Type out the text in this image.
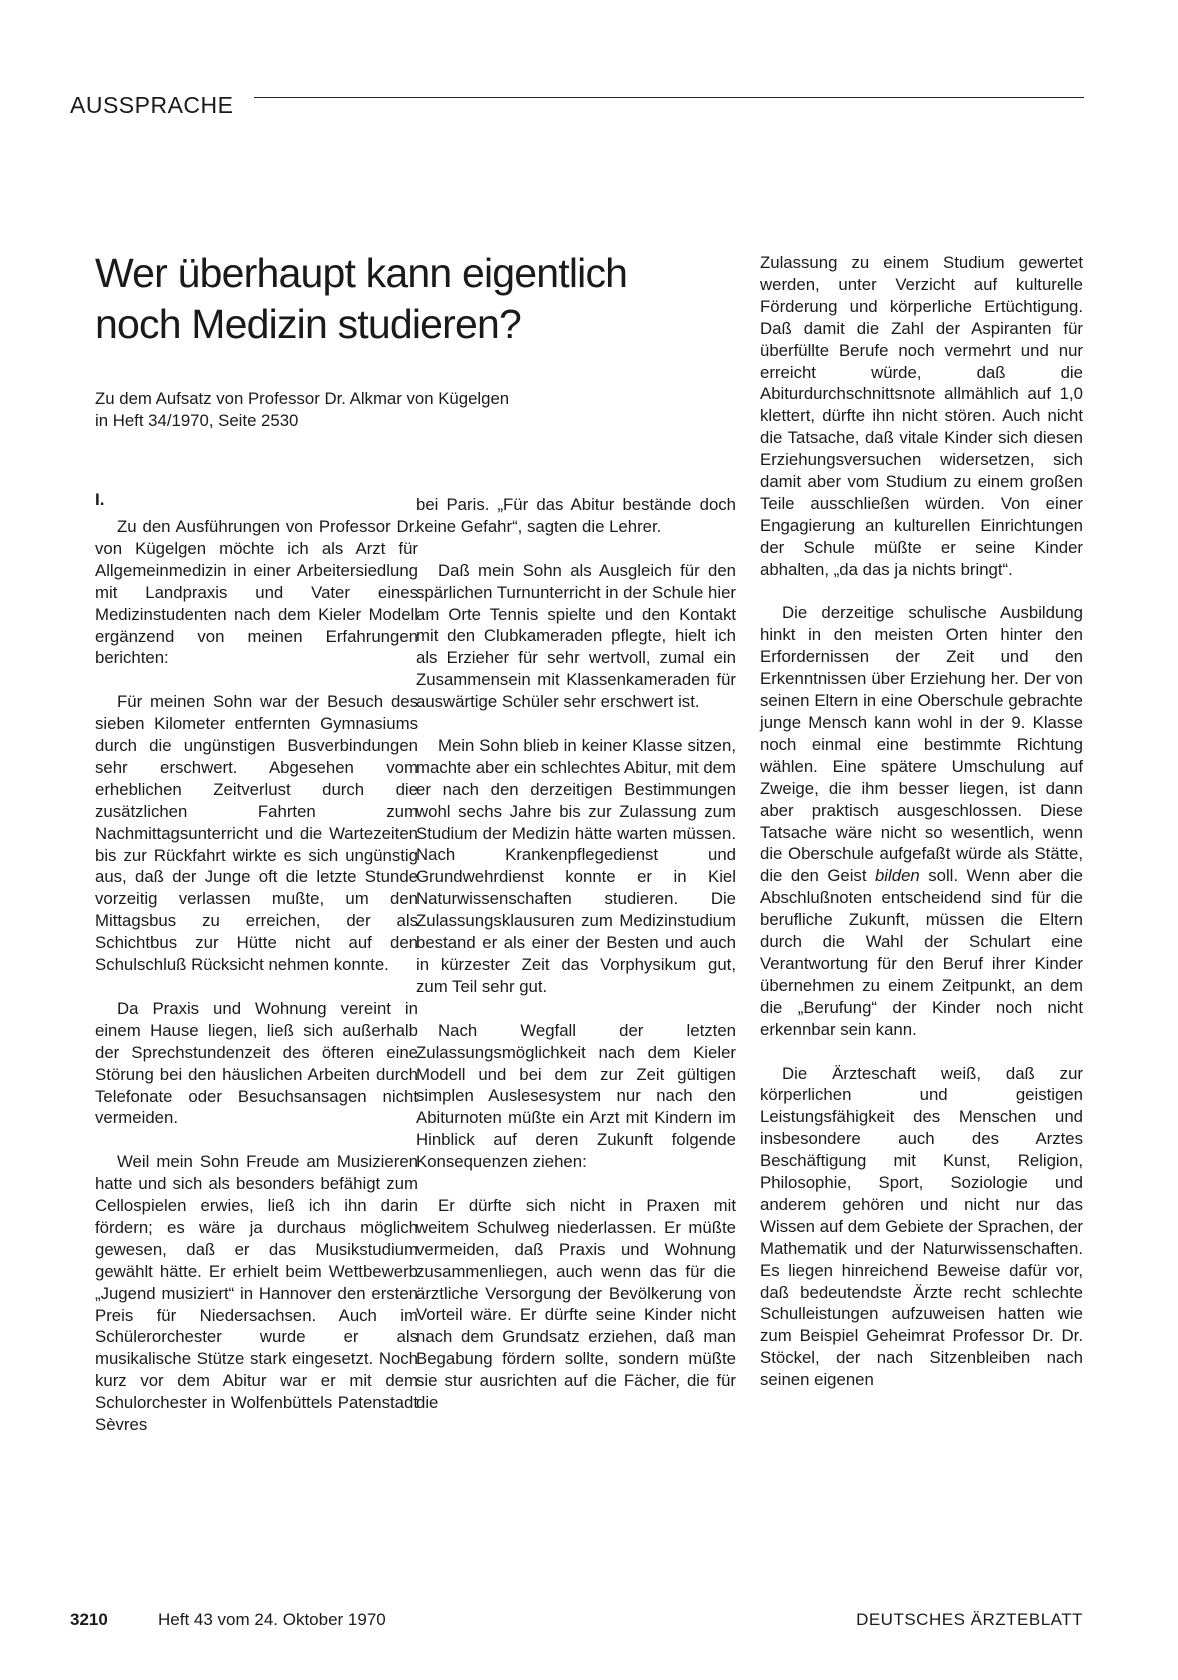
AUSSPRACHE
Wer überhaupt kann eigentlich
noch Medizin studieren?

Zu dem Aufsatz von Professor Dr. Alkmar von Kügelgen
in Heft 34/1970, Seite 2530

I.

Zu den Ausführungen von Professor Dr. von Kügelgen möchte ich als Arzt für Allgemeinmedizin in einer Arbeitersiedlung mit Landpraxis und Vater eines Medizinstudenten nach dem Kieler Modell ergänzend von meinen Erfahrungen berichten:

Für meinen Sohn war der Besuch des sieben Kilometer entfernten Gymnasiums durch die ungünstigen Busverbindungen sehr erschwert. Abgesehen vom erheblichen Zeitverlust durch die zusätzlichen Fahrten zum Nachmittagsunterricht und die Wartezeiten bis zur Rückfahrt wirkte es sich ungünstig aus, daß der Junge oft die letzte Stunde vorzeitig verlassen mußte, um den Mittagsbus zu erreichen, der als Schichtbus zur Hütte nicht auf den Schulschluß Rücksicht nehmen konnte.

Da Praxis und Wohnung vereint in einem Hause liegen, ließ sich außerhalb der Sprechstundenzeit des öfteren eine Störung bei den häuslichen Arbeiten durch Telefonate oder Besuchsansagen nicht vermeiden.

Weil mein Sohn Freude am Musizieren hatte und sich als besonders befähigt zum Cellospielen erwies, ließ ich ihn darin fördern; es wäre ja durchaus möglich gewesen, daß er das Musikstudium gewählt hätte. Er erhielt beim Wettbewerb „Jugend musiziert“ in Hannover den ersten Preis für Niedersachsen. Auch im Schülerorchester wurde er als musikalische Stütze stark eingesetzt. Noch kurz vor dem Abitur war er mit dem Schulorchester in Wolfenbüttels Patenstadt Sèvres

bei Paris. „Für das Abitur bestände doch keine Gefahr“, sagten die Lehrer.

Daß mein Sohn als Ausgleich für den spärlichen Turnunterricht in der Schule hier am Orte Tennis spielte und den Kontakt mit den Clubkameraden pflegte, hielt ich als Erzieher für sehr wertvoll, zumal ein Zusammensein mit Klassenkameraden für auswärtige Schüler sehr erschwert ist.

Mein Sohn blieb in keiner Klasse sitzen, machte aber ein schlechtes Abitur, mit dem er nach den derzeitigen Bestimmungen wohl sechs Jahre bis zur Zulassung zum Studium der Medizin hätte warten müssen. Nach Krankenpflegedienst und Grundwehrdienst konnte er in Kiel Naturwissenschaften studieren. Die Zulassungsklausuren zum Medizinstudium bestand er als einer der Besten und auch in kürzester Zeit das Vorphysikum gut, zum Teil sehr gut.

Nach Wegfall der letzten Zulassungsmöglichkeit nach dem Kieler Modell und bei dem zur Zeit gültigen simplen Auslesesystem nur nach den Abiturnoten müßte ein Arzt mit Kindern im Hinblick auf deren Zukunft folgende Konsequenzen ziehen:

Er dürfte sich nicht in Praxen mit weitem Schulweg niederlassen. Er müßte vermeiden, daß Praxis und Wohnung zusammenliegen, auch wenn das für die ärztliche Versorgung der Bevölkerung von Vorteil wäre. Er dürfte seine Kinder nicht nach dem Grundsatz erziehen, daß man Begabung fördern sollte, sondern müßte sie stur ausrichten auf die Fächer, die für die

Zulassung zu einem Studium gewertet werden, unter Verzicht auf kulturelle Förderung und körperliche Ertüchtigung. Daß damit die Zahl der Aspiranten für überfüllte Berufe noch vermehrt und nur erreicht würde, daß die Abiturdurchschnittsnote allmählich auf 1,0 klettert, dürfte ihn nicht stören. Auch nicht die Tatsache, daß vitale Kinder sich diesen Erziehungsversuchen widersetzen, sich damit aber vom Studium zu einem großen Teile ausschließen würden. Von einer Engagierung an kulturellen Einrichtungen der Schule müßte er seine Kinder abhalten, „da das ja nichts bringt“.

Die derzeitige schulische Ausbildung hinkt in den meisten Orten hinter den Erfordernissen der Zeit und den Erkenntnissen über Erziehung her. Der von seinen Eltern in eine Oberschule gebrachte junge Mensch kann wohl in der 9. Klasse noch einmal eine bestimmte Richtung wählen. Eine spätere Umschulung auf Zweige, die ihm besser liegen, ist dann aber praktisch ausgeschlossen. Diese Tatsache wäre nicht so wesentlich, wenn die Oberschule aufgefaßt würde als Stätte, die den Geist bilden soll. Wenn aber die Abschlußnoten entscheidend sind für die berufliche Zukunft, müssen die Eltern durch die Wahl der Schulart eine Verantwortung für den Beruf ihrer Kinder übernehmen zu einem Zeitpunkt, an dem die „Berufung“ der Kinder noch nicht erkennbar sein kann.

Die Ärzteschaft weiß, daß zur körperlichen und geistigen Leistungsfähigkeit des Menschen und insbesondere auch des Arztes Beschäftigung mit Kunst, Religion, Philosophie, Sport, Soziologie und anderem gehören und nicht nur das Wissen auf dem Gebiete der Sprachen, der Mathematik und der Naturwissenschaften. Es liegen hinreichend Beweise dafür vor, daß bedeutendste Ärzte recht schlechte Schulleistungen aufzuweisen hatten wie zum Beispiel Geheimrat Professor Dr. Dr. Stöckel, der nach Sitzenbleiben nach seinen eigenen

3210	Heft 43 vom 24. Oktober 1970	DEUTSCHES ÄRZTEBLATT
